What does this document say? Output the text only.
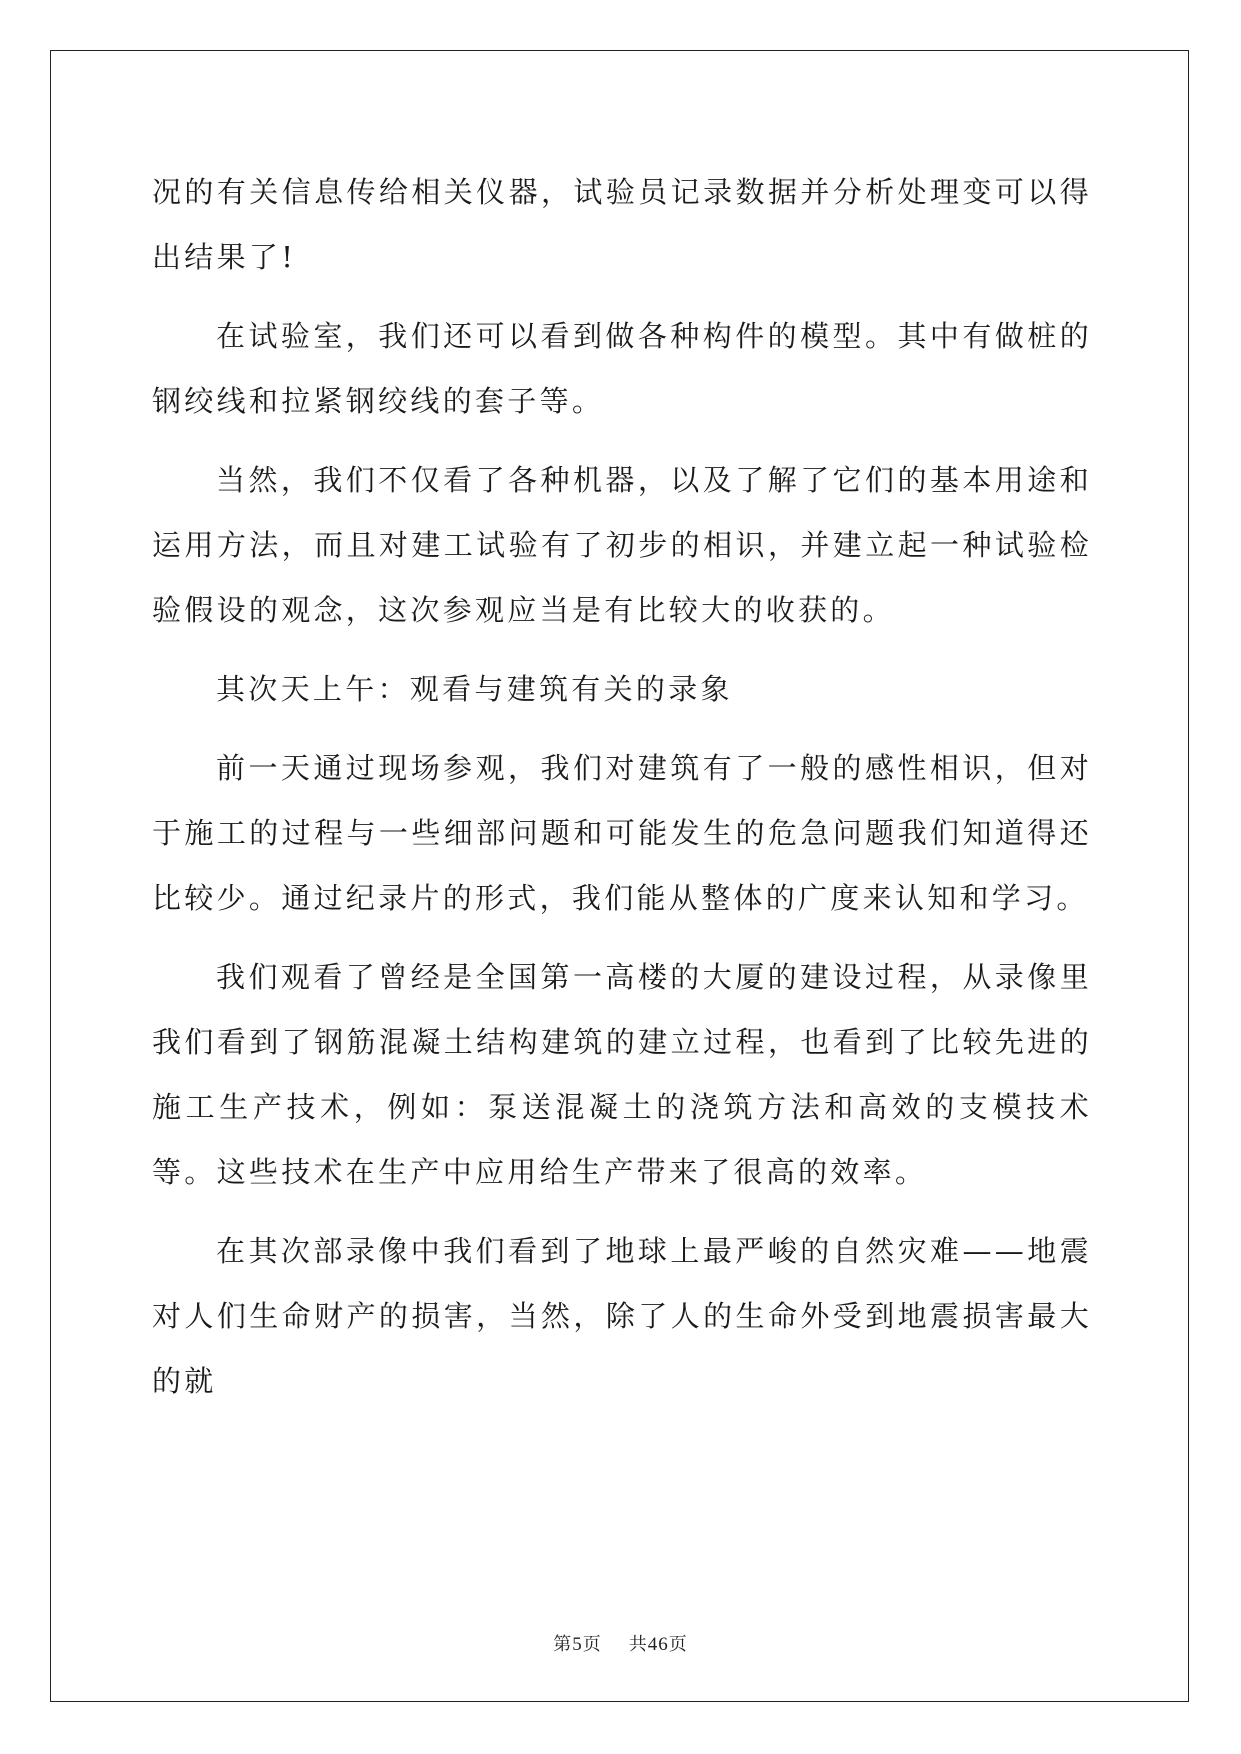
况的有关信息传给相关仪器，试验员记录数据并分析处理变可以得出结果了!

在试验室，我们还可以看到做各种构件的模型。其中有做桩的钢绞线和拉紧钢绞线的套子等。

当然，我们不仅看了各种机器，以及了解了它们的基本用途和运用方法，而且对建工试验有了初步的相识，并建立起一种试验检验假设的观念，这次参观应当是有比较大的收获的。

其次天上午：观看与建筑有关的录象

前一天通过现场参观，我们对建筑有了一般的感性相识，但对于施工的过程与一些细部问题和可能发生的危急问题我们知道得还比较少。通过纪录片的形式，我们能从整体的广度来认知和学习。

我们观看了曾经是全国第一高楼的大厦的建设过程，从录像里我们看到了钢筋混凝土结构建筑的建立过程，也看到了比较先进的施工生产技术，例如：泵送混凝土的浇筑方法和高效的支模技术等。这些技术在生产中应用给生产带来了很高的效率。

在其次部录像中我们看到了地球上最严峻的自然灾难——地震对人们生命财产的损害，当然，除了人的生命外受到地震损害最大的就

第5页 共46页
